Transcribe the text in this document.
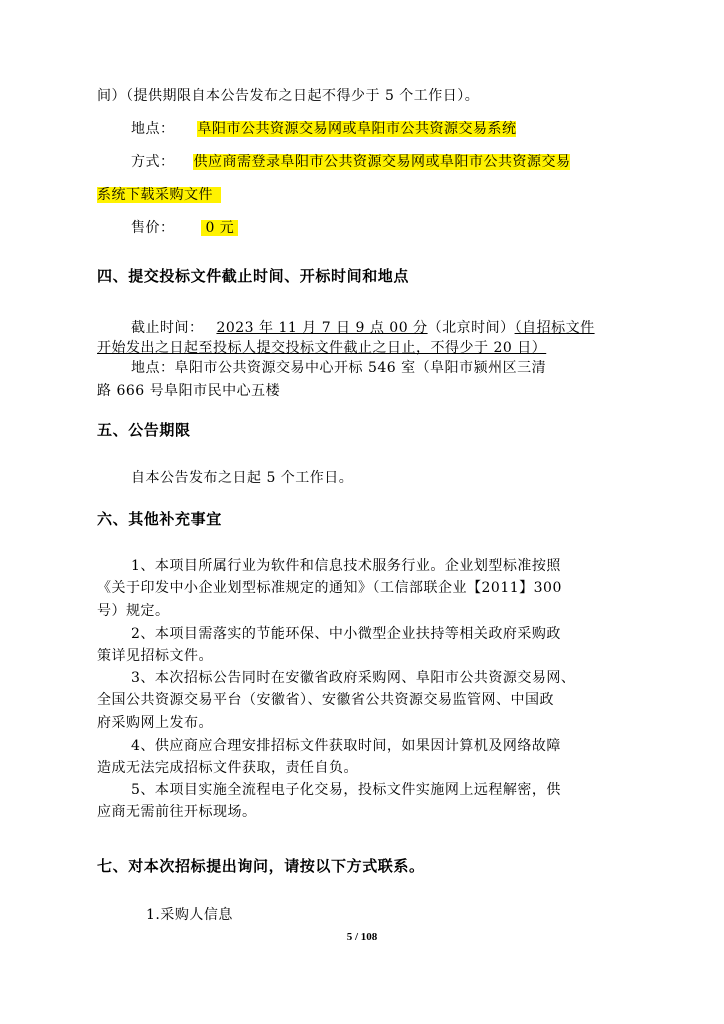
间）（提供期限自本公告发布之日起不得少于 5 个工作日）。
地点： 阜阳市公共资源交易网或阜阳市公共资源交易系统
方式： 供应商需登录阜阳市公共资源交易网或阜阳市公共资源交易
系统下载采购文件
售价： 0 元
四、提交投标文件截止时间、开标时间和地点
截止时间： 2023 年 11 月 7 日 9 点 00 分（北京时间）（自招标文件
开始发出之日起至投标人提交投标文件截止之日止，不得少于 20 日）
地点：阜阳市公共资源交易中心开标 546 室（阜阳市颍州区三清
路 666 号阜阳市民中心五楼
五、公告期限
自本公告发布之日起 5 个工作日。
六、其他补充事宜
1、本项目所属行业为软件和信息技术服务行业。企业划型标准按照
《关于印发中小企业划型标准规定的通知》（工信部联企业【2011】300
号）规定。
2、本项目需落实的节能环保、中小微型企业扶持等相关政府采购政
策详见招标文件。
3、本次招标公告同时在安徽省政府采购网、阜阳市公共资源交易网、
全国公共资源交易平台（安徽省）、安徽省公共资源交易监管网、中国政
府采购网上发布。
4、供应商应合理安排招标文件获取时间，如果因计算机及网络故障
造成无法完成招标文件获取，责任自负。
5、本项目实施全流程电子化交易，投标文件实施网上远程解密，供
应商无需前往开标现场。
七、对本次招标提出询问，请按以下方式联系。
1.采购人信息
5 / 108
